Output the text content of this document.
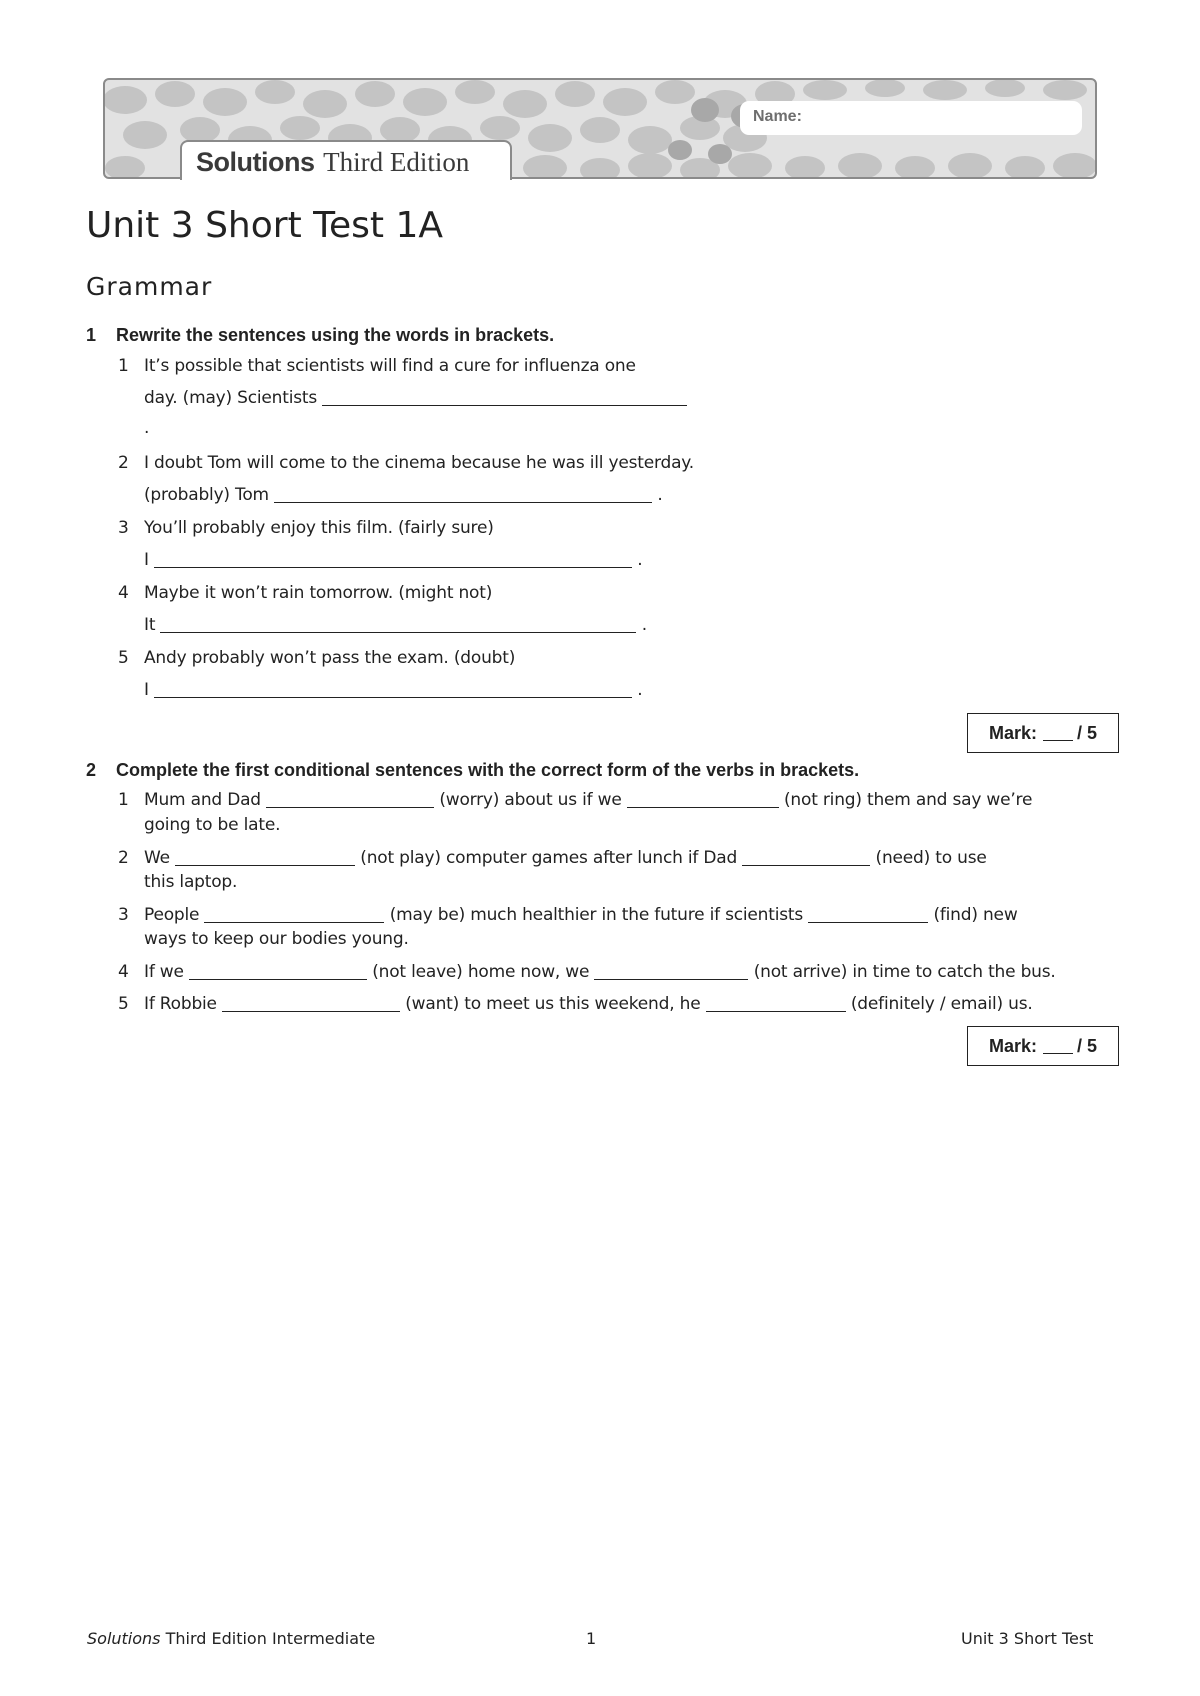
Name:
Solutions Third Edition
Unit 3 Short Test 1A
Grammar
1 Rewrite the sentences using the words in brackets.
1 It’s possible that scientists will find a cure for influenza one
day. (may) Scientists
.
2 I doubt Tom will come to the cinema because he was ill yesterday.
(probably) Tom	.
3 You’ll probably enjoy this film. (fairly sure)
I	.
4 Maybe it won’t rain tomorrow. (might not)
It	.
5 Andy probably won’t pass the exam. (doubt)
I	.
Mark: / 5
2 Complete the first conditional sentences with the correct form of the verbs in brackets.
1 Mum and Dad	(worry) about us if we	(not ring) them and say we’re
going to be late.
2 We	(not play) computer games after lunch if Dad	(need) to use
this laptop.
3 People	(may be) much healthier in the future if scientists	(find) new
ways to keep our bodies young.
4 If we	(not leave) home now, we	(not arrive) in time to catch the bus.
5 If Robbie	(want) to meet us this weekend, he	(definitely / email) us.
Mark: / 5
Solutions Third Edition Intermediate	1	Unit 3 Short Test
